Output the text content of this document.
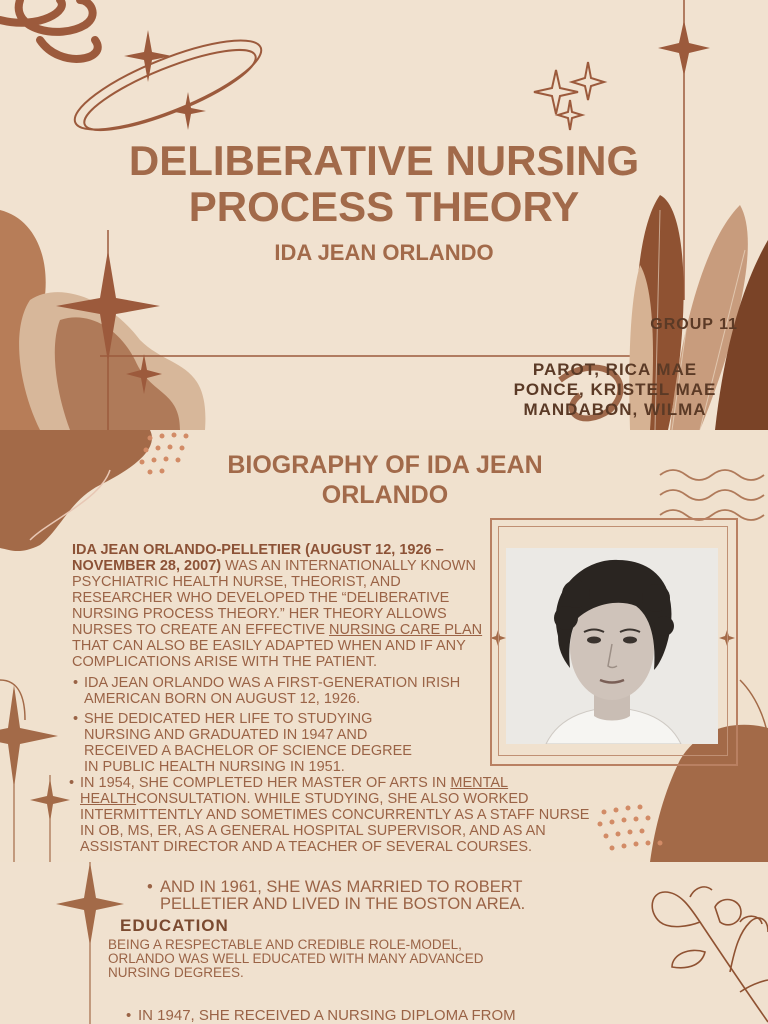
DELIBERATIVE NURSING
PROCESS THEORY
IDA JEAN ORLANDO
GROUP 11
PAROT, RICA MAE
PONCE, KRISTEL MAE
MANDABON, WILMA
BIOGRAPHY OF IDA JEAN
ORLANDO
IDA JEAN ORLANDO-PELLETIER (AUGUST 12, 1926 – NOVEMBER 28, 2007) WAS AN INTERNATIONALLY KNOWN PSYCHIATRIC HEALTH NURSE, THEORIST, AND RESEARCHER WHO DEVELOPED THE “DELIBERATIVE NURSING PROCESS THEORY.” HER THEORY ALLOWS NURSES TO CREATE AN EFFECTIVE NURSING CARE PLAN THAT CAN ALSO BE EASILY ADAPTED WHEN AND IF ANY COMPLICATIONS ARISE WITH THE PATIENT.
• IDA JEAN ORLANDO WAS A FIRST-GENERATION IRISH AMERICAN BORN ON AUGUST 12, 1926.
• SHE DEDICATED HER LIFE TO STUDYING NURSING AND GRADUATED IN 1947 AND RECEIVED A BACHELOR OF SCIENCE DEGREE IN PUBLIC HEALTH NURSING IN 1951.
• IN 1954, SHE COMPLETED HER MASTER OF ARTS IN MENTAL HEALTHCONSULTATION. WHILE STUDYING, SHE ALSO WORKED INTERMITTENTLY AND SOMETIMES CONCURRENTLY AS A STAFF NURSE IN OB, MS, ER, AS A GENERAL HOSPITAL SUPERVISOR, AND AS AN ASSISTANT DIRECTOR AND A TEACHER OF SEVERAL COURSES.
• AND IN 1961, SHE WAS MARRIED TO ROBERT PELLETIER AND LIVED IN THE BOSTON AREA.
EDUCATION
BEING A RESPECTABLE AND CREDIBLE ROLE-MODEL, ORLANDO WAS WELL EDUCATED WITH MANY ADVANCED NURSING DEGREES.
• IN 1947, SHE RECEIVED A NURSING DIPLOMA FROM
